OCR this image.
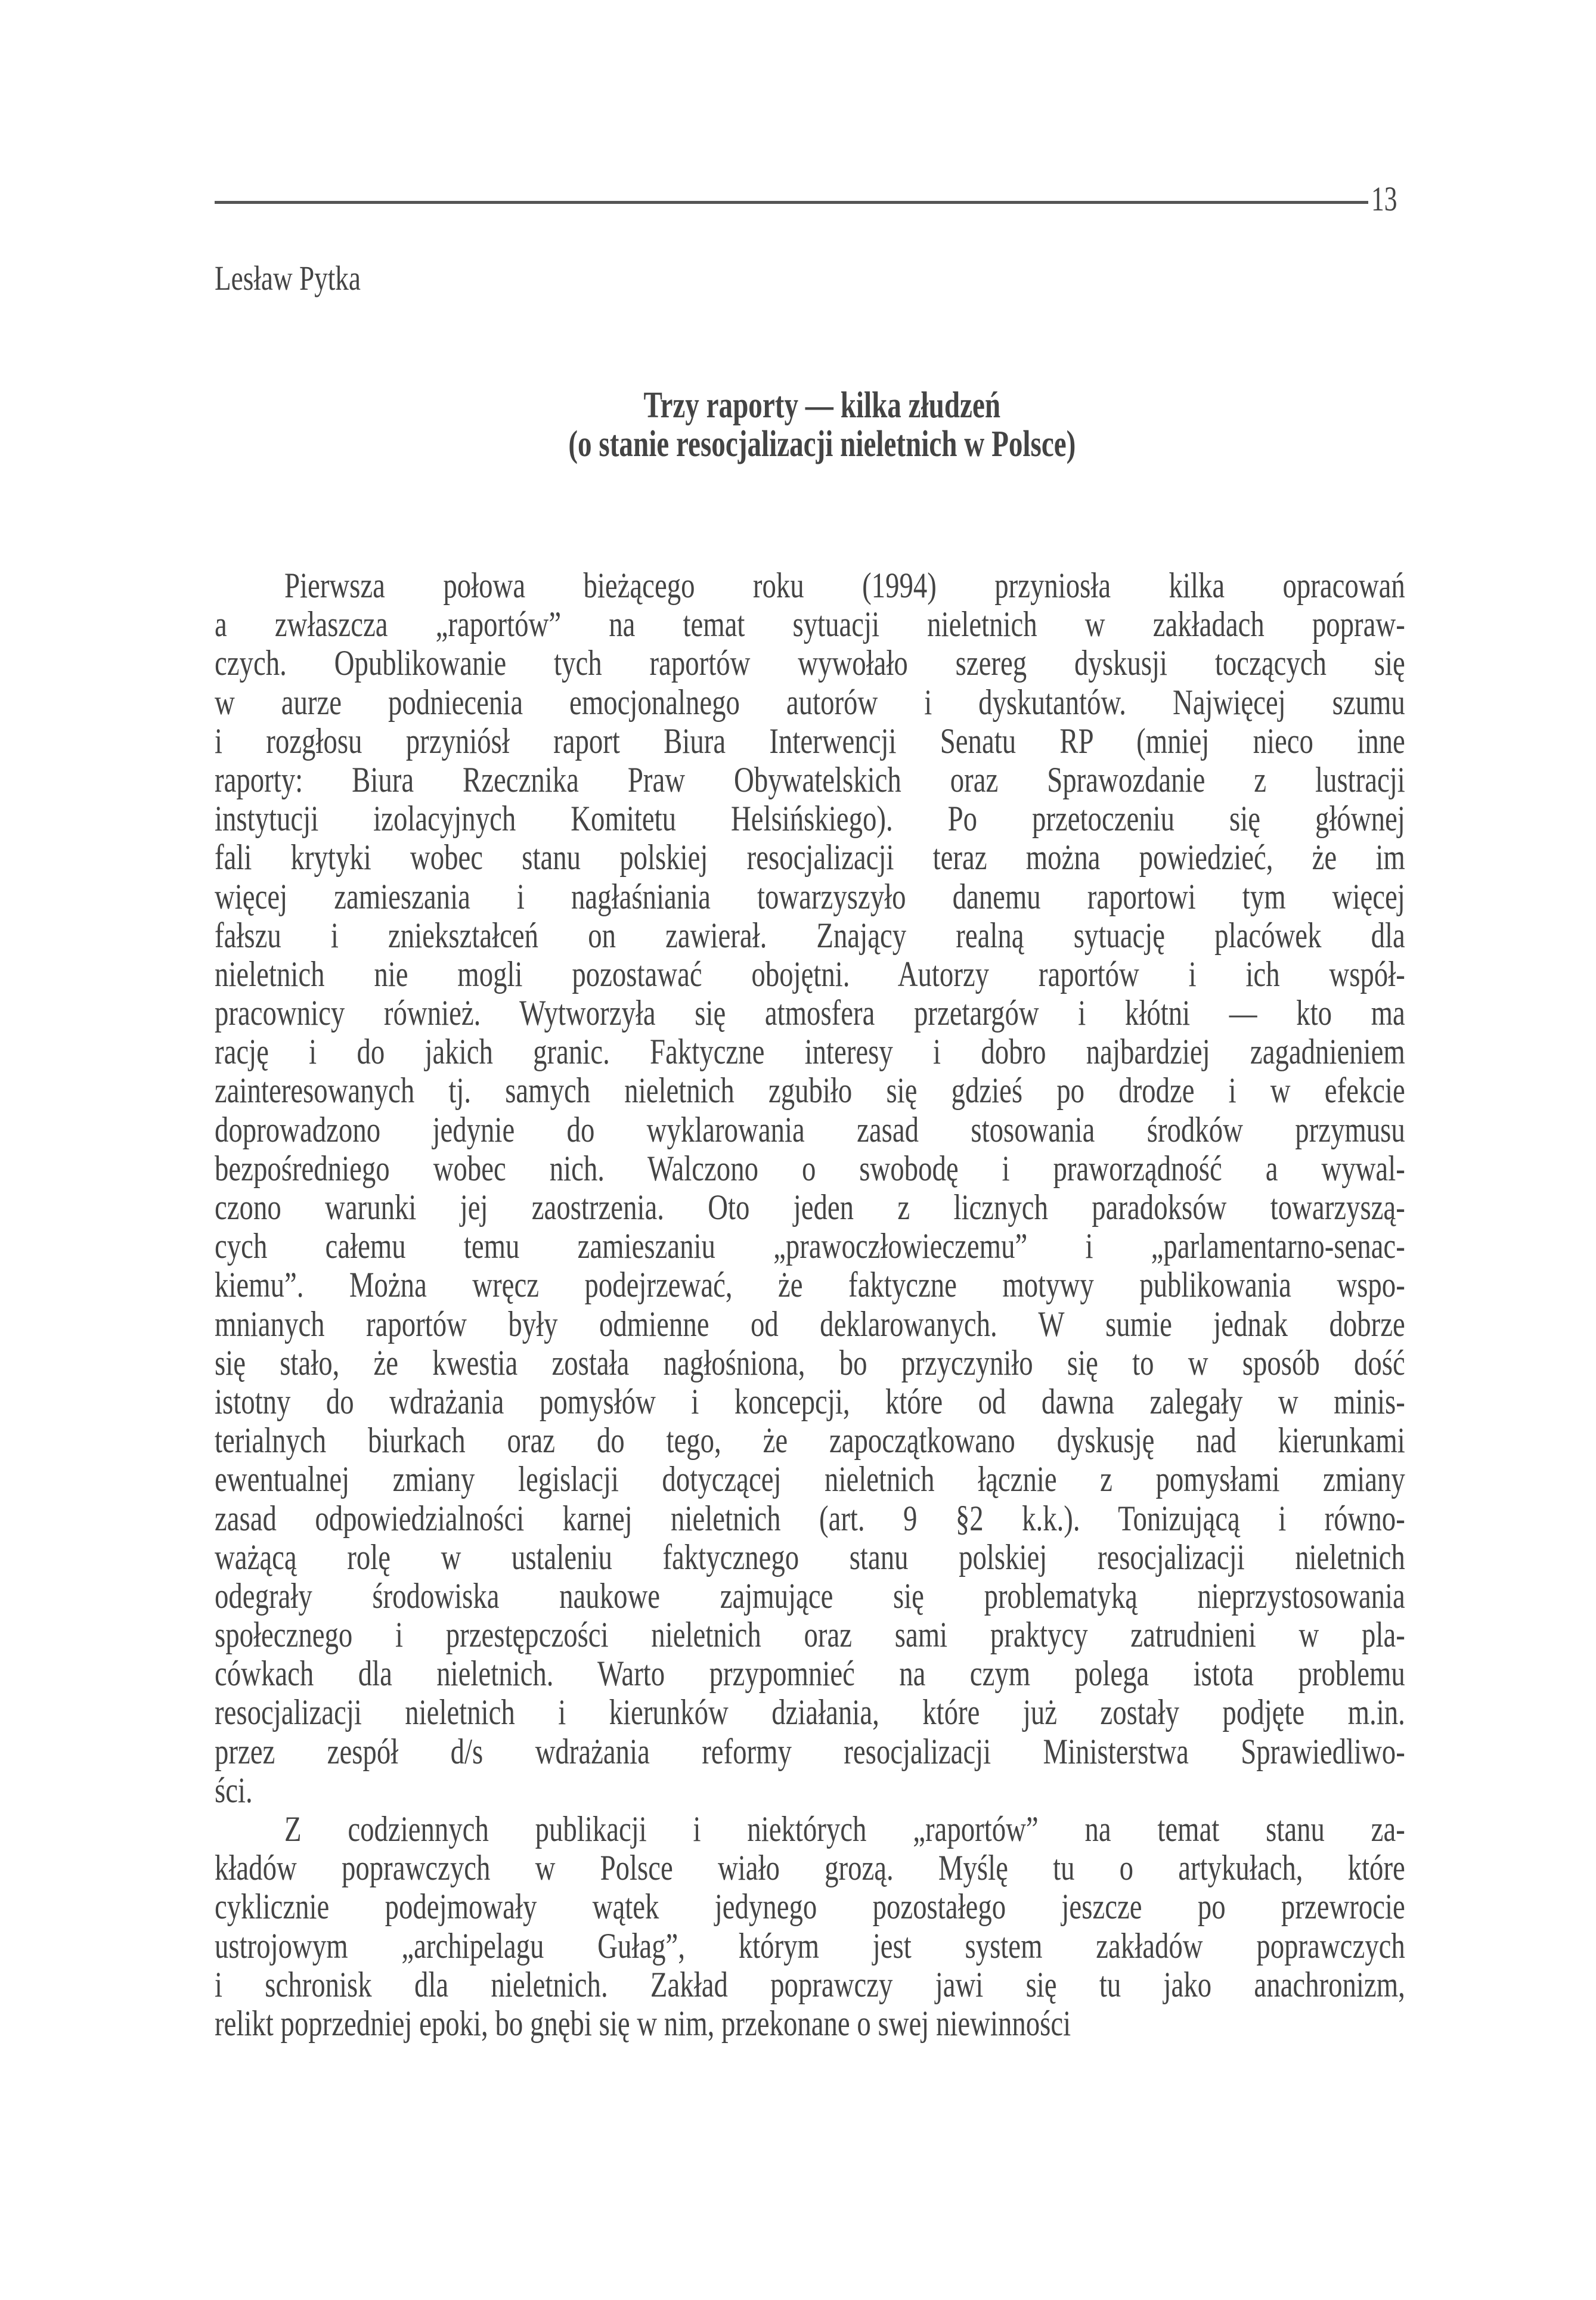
13
Lesław Pytka
Trzy raporty — kilka złudzeń
(o stanie resocjalizacji nieletnich w Polsce)
Pierwsza połowa bieżącego roku (1994) przyniosła kilka opracowań
a zwłaszcza „raportów” na temat sytuacji nieletnich w zakładach popraw-
czych. Opublikowanie tych raportów wywołało szereg dyskusji toczących się
w aurze podniecenia emocjonalnego autorów i dyskutantów. Najwięcej szumu
i rozgłosu przyniósł raport Biura Interwencji Senatu RP (mniej nieco inne
raporty: Biura Rzecznika Praw Obywatelskich oraz Sprawozdanie z lustracji
instytucji izolacyjnych Komitetu Helsińskiego). Po przetoczeniu się głównej
fali krytyki wobec stanu polskiej resocjalizacji teraz można powiedzieć, że im
więcej zamieszania i nagłaśniania towarzyszyło danemu raportowi tym więcej
fałszu i zniekształceń on zawierał. Znający realną sytuację placówek dla
nieletnich nie mogli pozostawać obojętni. Autorzy raportów i ich współ-
pracownicy również. Wytworzyła się atmosfera przetargów i kłótni — kto ma
rację i do jakich granic. Faktyczne interesy i dobro najbardziej zagadnieniem
zainteresowanych tj. samych nieletnich zgubiło się gdzieś po drodze i w efekcie
doprowadzono jedynie do wyklarowania zasad stosowania środków przymusu
bezpośredniego wobec nich. Walczono o swobodę i praworządność a wywal-
czono warunki jej zaostrzenia. Oto jeden z licznych paradoksów towarzyszą-
cych całemu temu zamieszaniu „prawoczłowieczemu” i „parlamentarno-senac-
kiemu”. Można wręcz podejrzewać, że faktyczne motywy publikowania wspo-
mnianych raportów były odmienne od deklarowanych. W sumie jednak dobrze
się stało, że kwestia została nagłośniona, bo przyczyniło się to w sposób dość
istotny do wdrażania pomysłów i koncepcji, które od dawna zalegały w minis-
terialnych biurkach oraz do tego, że zapoczątkowano dyskusję nad kierunkami
ewentualnej zmiany legislacji dotyczącej nieletnich łącznie z pomysłami zmiany
zasad odpowiedzialności karnej nieletnich (art. 9 §2 k.k.). Tonizującą i równo-
ważącą rolę w ustaleniu faktycznego stanu polskiej resocjalizacji nieletnich
odegrały środowiska naukowe zajmujące się problematyką nieprzystosowania
społecznego i przestępczości nieletnich oraz sami praktycy zatrudnieni w pla-
cówkach dla nieletnich. Warto przypomnieć na czym polega istota problemu
resocjalizacji nieletnich i kierunków działania, które już zostały podjęte m.in.
przez zespół d/s wdrażania reformy resocjalizacji Ministerstwa Sprawiedliwo-
ści.
Z codziennych publikacji i niektórych „raportów” na temat stanu za-
kładów poprawczych w Polsce wiało grozą. Myślę tu o artykułach, które
cyklicznie podejmowały wątek jedynego pozostałego jeszcze po przewrocie
ustrojowym „archipelagu Gułag”, którym jest system zakładów poprawczych
i schronisk dla nieletnich. Zakład poprawczy jawi się tu jako anachronizm,
relikt poprzedniej epoki, bo gnębi się w nim, przekonane o swej niewinności
